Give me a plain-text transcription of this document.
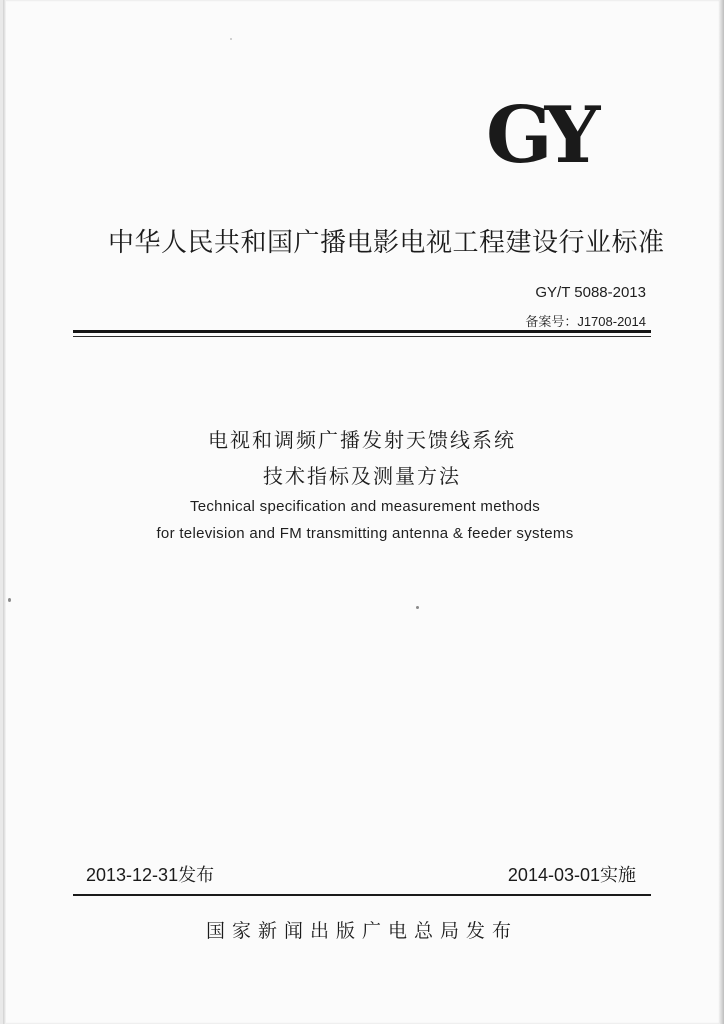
GY
中华人民共和国广播电影电视工程建设行业标准
GY/T 5088-2013
备案号：J1708-2014
电视和调频广播发射天馈线系统
技术指标及测量方法
Technical specification and measurement methods
for television and FM transmitting antenna & feeder systems
2013-12-31发布	2014-03-01实施
国家新闻出版广电总局发布
